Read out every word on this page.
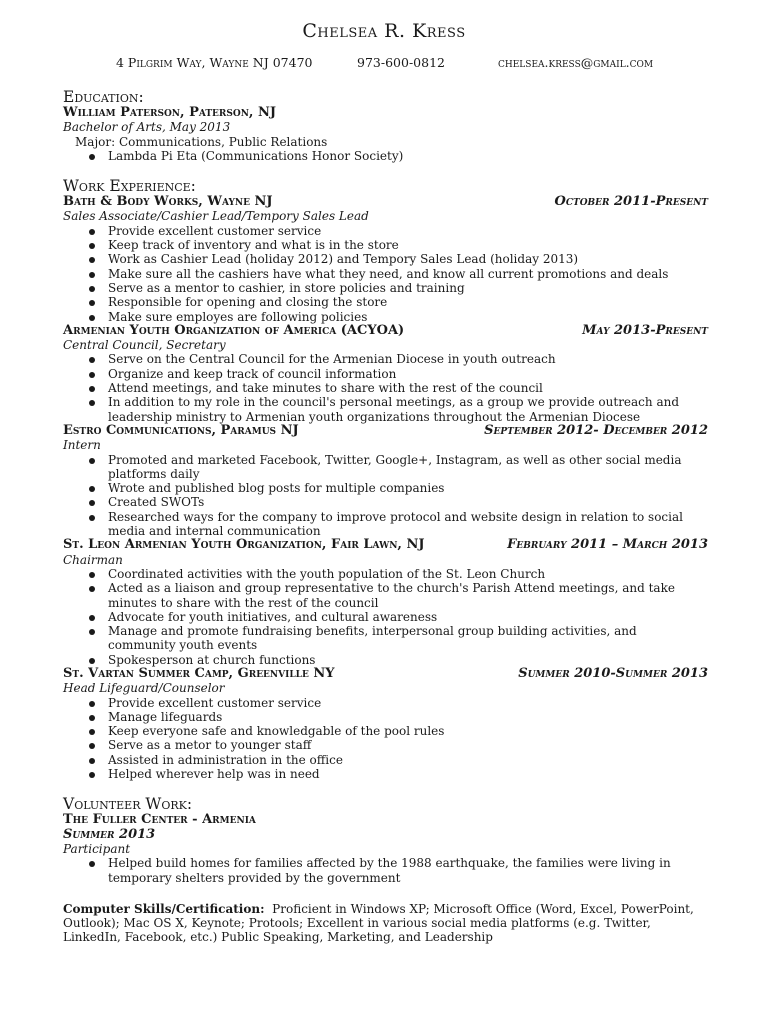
Chelsea R. Kress
4 Pilgrim Way, Wayne NJ 07470	973-600-0812	chelsea.kress@gmail.com
Education:
William Paterson, Paterson, NJ
Bachelor of Arts, May 2013
Major: Communications, Public Relations
Lambda Pi Eta (Communications Honor Society)
Work Experience:
Bath & Body Works, Wayne NJ	October 2011-Present
Sales Associate/Cashier Lead/Tempory Sales Lead
Provide excellent customer service
Keep track of inventory and what is in the store
Work as Cashier Lead (holiday 2012) and Tempory Sales Lead (holiday 2013)
Make sure all the cashiers have what they need, and know all current promotions and deals
Serve as a mentor to cashier, in store policies and training
Responsible for opening and closing the store
Make sure employes are following policies
Armenian Youth Organization of America (ACYOA)	May 2013-Present
Central Council, Secretary
Serve on the Central Council for the Armenian Diocese in youth outreach
Organize and keep track of council information
Attend meetings, and take minutes to share with the rest of the council
In addition to my role in the council's personal meetings, as a group we provide outreach and leadership ministry to Armenian youth organizations throughout the Armenian Diocese
Estro Communications, Paramus NJ	September 2012- December 2012
Intern
Promoted and marketed Facebook, Twitter, Google+, Instagram, as well as other social media platforms daily
Wrote and published blog posts for multiple companies
Created SWOTs
Researched ways for the company to improve protocol and website design in relation to social media and internal communication
St. Leon Armenian Youth Organization, Fair Lawn, NJ	February 2011 – March 2013
Chairman
Coordinated activities with the youth population of the St. Leon Church
Acted as a liaison and group representative to the church's Parish Attend meetings, and take minutes to share with the rest of the council
Advocate for youth initiatives, and cultural awareness
Manage and promote fundraising benefits, interpersonal group building activities, and community youth events
Spokesperson at church functions
St. Vartan Summer Camp, Greenville NY	Summer 2010-Summer 2013
Head Lifeguard/Counselor
Provide excellent customer service
Manage lifeguards
Keep everyone safe and knowledgable of the pool rules
Serve as a metor to younger staff
Assisted in administration in the office
Helped wherever help was in need
Volunteer Work:
The Fuller Center - Armenia
Summer 2013
Participant
Helped build homes for families affected by the 1988 earthquake, the families were living in temporary shelters provided by the government
Computer Skills/Certification: Proficient in Windows XP; Microsoft Office (Word, Excel, PowerPoint, Outlook); Mac OS X, Keynote; Protools; Excellent in various social media platforms (e.g. Twitter, LinkedIn, Facebook, etc.) Public Speaking, Marketing, and Leadership
